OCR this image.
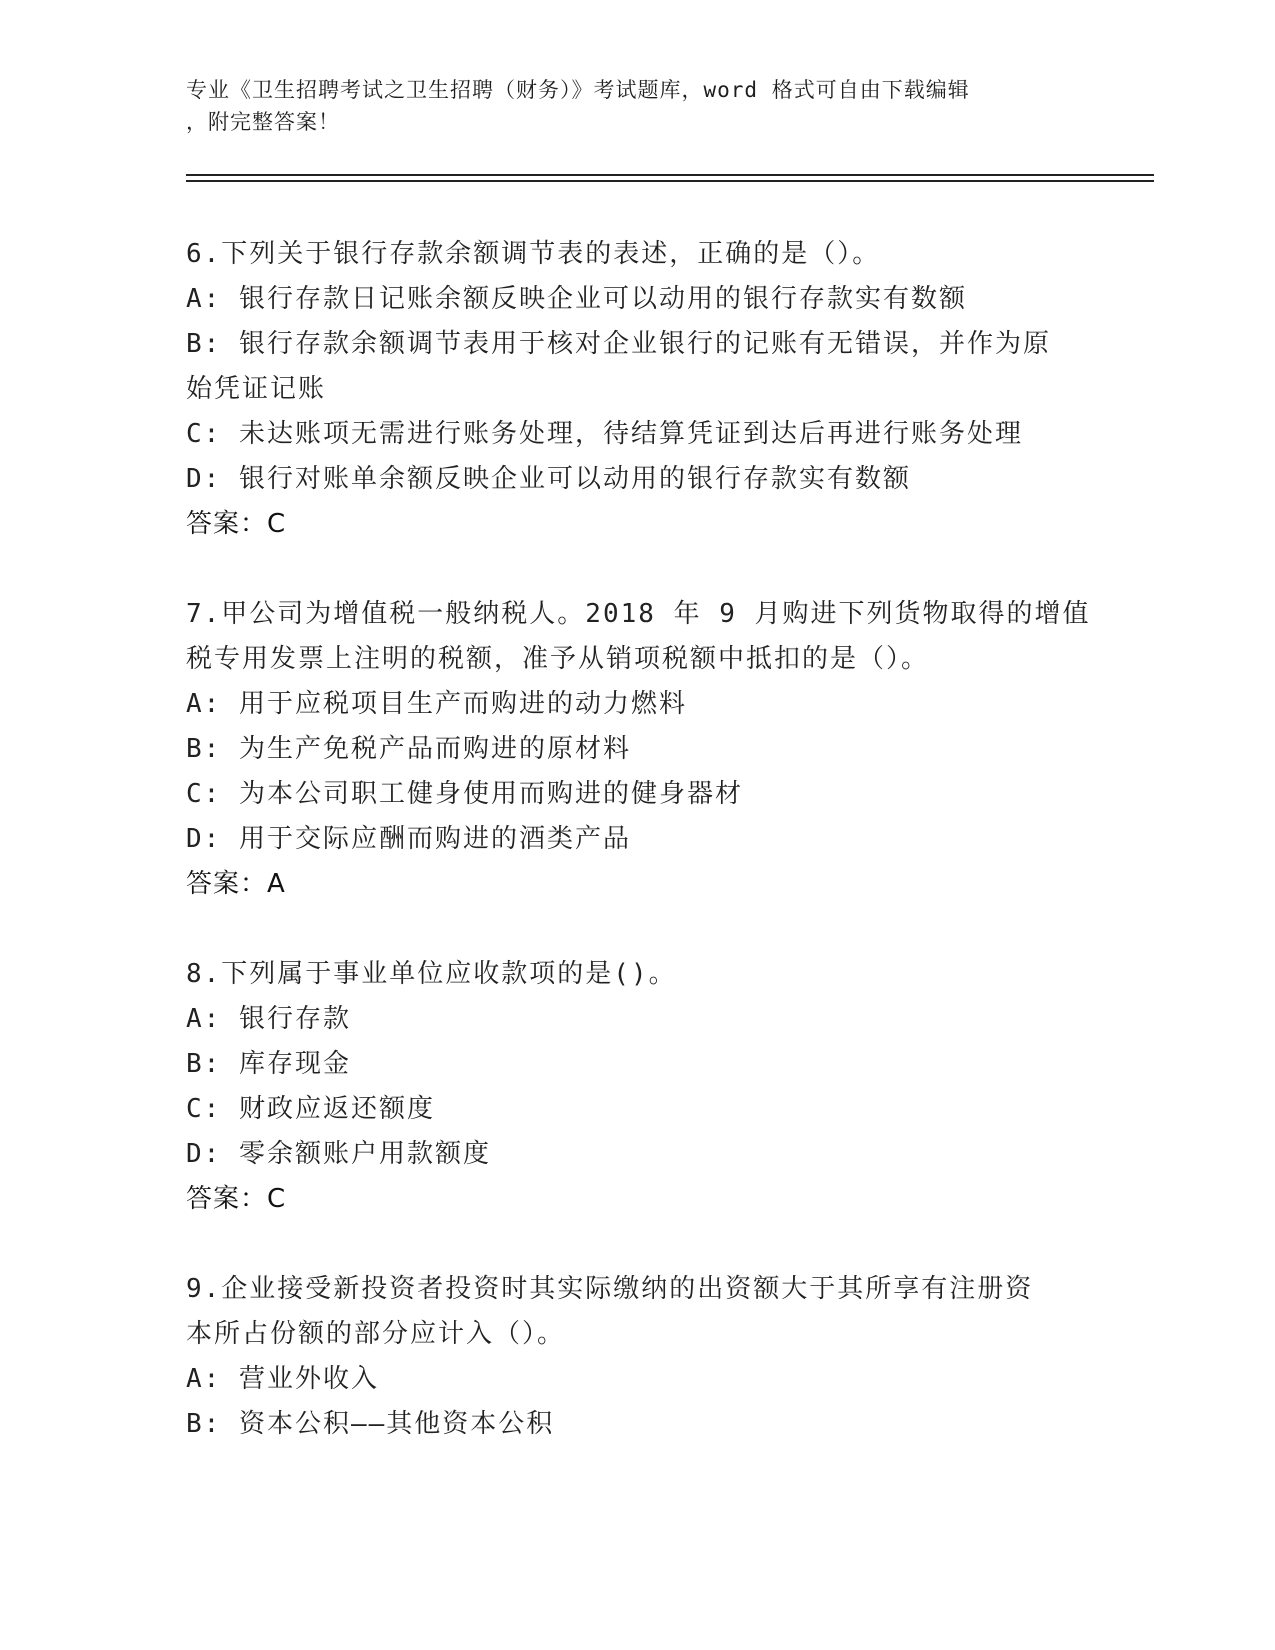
专业《卫生招聘考试之卫生招聘（财务）》考试题库，word 格式可自由下载编辑
，附完整答案！
6.下列关于银行存款余额调节表的表述，正确的是（）。
A: 银行存款日记账余额反映企业可以动用的银行存款实有数额
B: 银行存款余额调节表用于核对企业银行的记账有无错误，并作为原
始凭证记账
C: 未达账项无需进行账务处理，待结算凭证到达后再进行账务处理
D: 银行对账单余额反映企业可以动用的银行存款实有数额
答案：C
7.甲公司为增值税一般纳税人。2018 年 9 月购进下列货物取得的增值
税专用发票上注明的税额，准予从销项税额中抵扣的是（）。
A: 用于应税项目生产而购进的动力燃料
B: 为生产免税产品而购进的原材料
C: 为本公司职工健身使用而购进的健身器材
D: 用于交际应酬而购进的酒类产品
答案：A
8.下列属于事业单位应收款项的是()。
A: 银行存款
B: 库存现金
C: 财政应返还额度
D: 零余额账户用款额度
答案：C
9.企业接受新投资者投资时其实际缴纳的出资额大于其所享有注册资
本所占份额的部分应计入（）。
A: 营业外收入
B: 资本公积——其他资本公积
